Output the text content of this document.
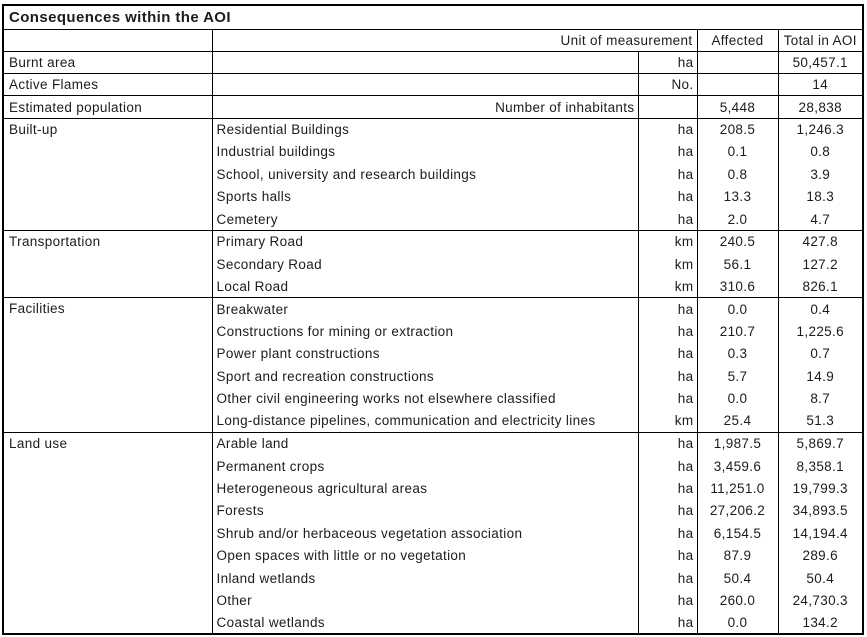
Consequences within the AOI				
	Unit of measurement		Affected	Total in AOI
Burnt area		ha		50,457.1
Active Flames		No.		14
Estimated population	Number of inhabitants		5,448	28,838
Built-up	Residential Buildings	ha	208.5	1,246.3
	Industrial buildings	ha	0.1	0.8
	School, university and research buildings	ha	0.8	3.9
	Sports halls	ha	13.3	18.3
	Cemetery	ha	2.0	4.7
Transportation	Primary Road	km	240.5	427.8
	Secondary Road	km	56.1	127.2
	Local Road	km	310.6	826.1
Facilities	Breakwater	ha	0.0	0.4
	Constructions for mining or extraction	ha	210.7	1,225.6
	Power plant constructions	ha	0.3	0.7
	Sport and recreation constructions	ha	5.7	14.9
	Other civil engineering works not elsewhere classified	ha	0.0	8.7
	Long-distance pipelines, communication and electricity lines	km	25.4	51.3
Land use	Arable land	ha	1,987.5	5,869.7
	Permanent crops	ha	3,459.6	8,358.1
	Heterogeneous agricultural areas	ha	11,251.0	19,799.3
	Forests	ha	27,206.2	34,893.5
	Shrub and/or herbaceous vegetation association	ha	6,154.5	14,194.4
	Open spaces with little or no vegetation	ha	87.9	289.6
	Inland wetlands	ha	50.4	50.4
	Other	ha	260.0	24,730.3
	Coastal wetlands	ha	0.0	134.2
